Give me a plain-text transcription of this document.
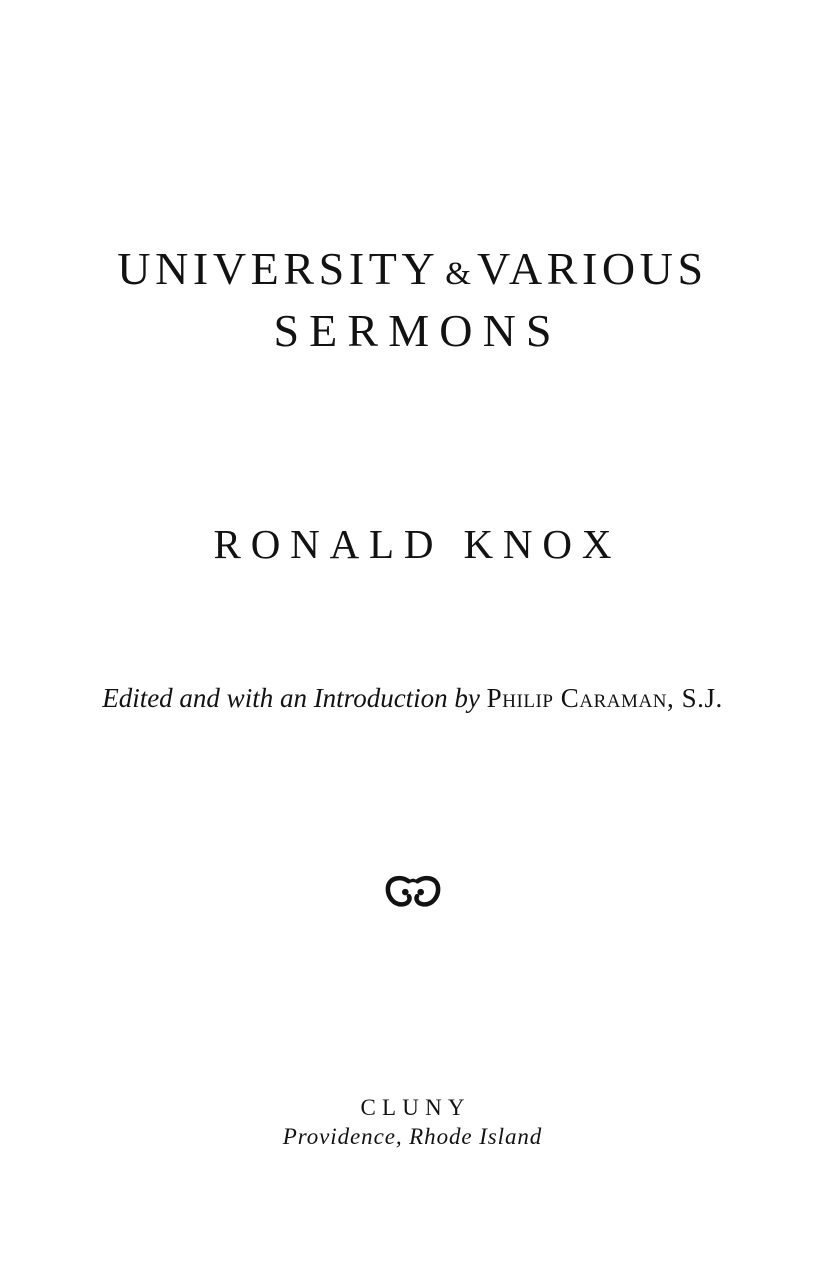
UNIVERSITY & VARIOUS
SERMONS
RONALD KNOX
Edited and with an Introduction by Philip Caraman, S.J.
CLUNY
Providence, Rhode Island
